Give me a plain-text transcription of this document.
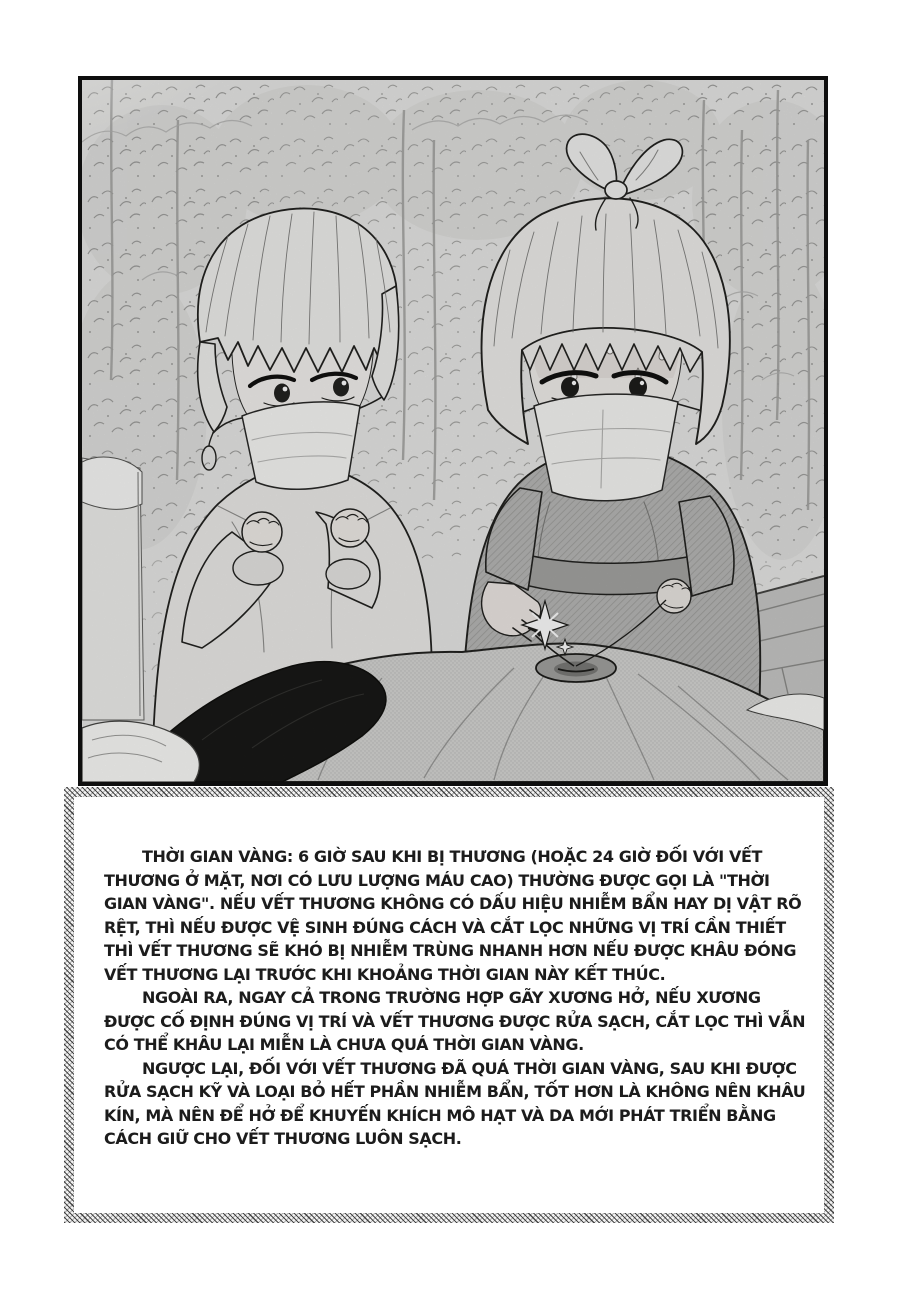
THỜI GIAN VÀNG: 6 GIỜ SAU KHI BỊ THƯƠNG (HOẶC 24 GIỜ ĐỐI VỚI VẾT THƯƠNG Ở MẶT, NƠI CÓ LƯU LƯỢNG MÁU CAO) THƯỜNG ĐƯỢC GỌI LÀ "THỜI GIAN VÀNG". NẾU VẾT THƯƠNG KHÔNG CÓ DẤU HIỆU NHIỄM BẨN HAY DỊ VẬT RÕ RỆT, THÌ NẾU ĐƯỢC VỆ SINH ĐÚNG CÁCH VÀ CẮT LỌC NHỮNG VỊ TRÍ CẦN THIẾT THÌ VẾT THƯƠNG SẼ KHÓ BỊ NHIỄM TRÙNG NHANH HƠN NẾU ĐƯỢC KHÂU ĐÓNG VẾT THƯƠNG LẠI TRƯỚC KHI KHOẢNG THỜI GIAN NÀY KẾT THÚC.

NGOÀI RA, NGAY CẢ TRONG TRƯỜNG HỢP GÃY XƯƠNG HỞ, NẾU XƯƠNG ĐƯỢC CỐ ĐỊNH ĐÚNG VỊ TRÍ VÀ VẾT THƯƠNG ĐƯỢC RỬA SẠCH, CẮT LỌC THÌ VẪN CÓ THỂ KHÂU LẠI MIỄN LÀ CHƯA QUÁ THỜI GIAN VÀNG.

NGƯỢC LẠI, ĐỐI VỚI VẾT THƯƠNG ĐÃ QUÁ THỜI GIAN VÀNG, SAU KHI ĐƯỢC RỬA SẠCH KỸ VÀ LOẠI BỎ HẾT PHẦN NHIỄM BẨN, TỐT HƠN LÀ KHÔNG NÊN KHÂU KÍN, MÀ NÊN ĐỂ HỞ ĐỂ KHUYẾN KHÍCH MÔ HẠT VÀ DA MỚI PHÁT TRIỂN BẰNG CÁCH GIỮ CHO VẾT THƯƠNG LUÔN SẠCH.
